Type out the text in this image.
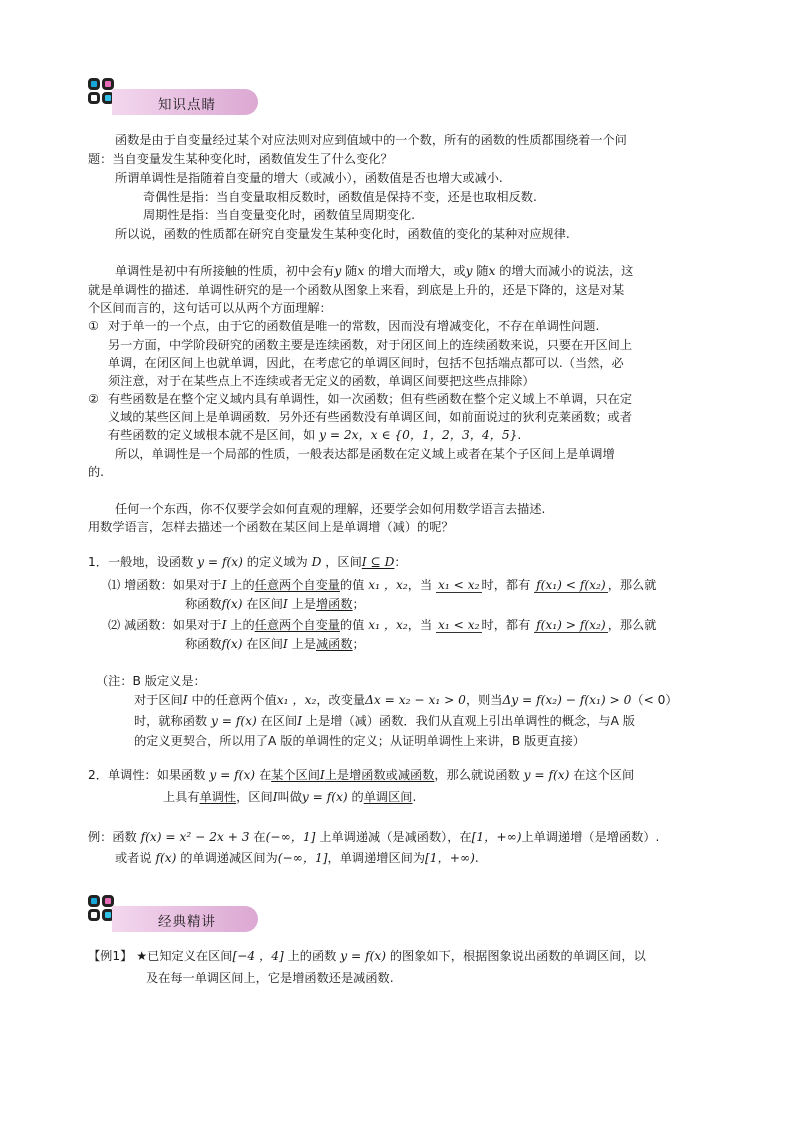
知识点睛
函数是由于自变量经过某个对应法则对应到值域中的一个数，所有的函数的性质都围绕着一个问
题：当自变量发生某种变化时，函数值发生了什么变化？
所谓单调性是指随着自变量的增大（或减小），函数值是否也增大或减小.
奇偶性是指：当自变量取相反数时，函数值是保持不变，还是也取相反数.
周期性是指：当自变量变化时，函数值呈周期变化.
所以说，函数的性质都在研究自变量发生某种变化时，函数值的变化的某种对应规律.
单调性是初中有所接触的性质，初中会有y 随x 的增大而增大，或y 随x 的增大而减小的说法，这
就是单调性的描述．单调性研究的是一个函数从图象上来看，到底是上升的，还是下降的，这是对某
个区间而言的，这句话可以从两个方面理解：
① 对于单一的一个点，由于它的函数值是唯一的常数，因而没有增减变化，不存在单调性问题.
另一方面，中学阶段研究的函数主要是连续函数，对于闭区间上的连续函数来说，只要在开区间上
单调，在闭区间上也就单调，因此，在考虑它的单调区间时，包括不包括端点都可以.（当然，必
须注意，对于在某些点上不连续或者无定义的函数，单调区间要把这些点排除）
② 有些函数是在整个定义域内具有单调性，如一次函数；但有些函数在整个定义域上不单调，只在定
义域的某些区间上是单调函数．另外还有些函数没有单调区间，如前面说过的狄利克莱函数；或者
有些函数的定义域根本就不是区间，如 y = 2x，x ∈ {0，1，2，3，4，5}.
所以，单调性是一个局部的性质，一般表达都是函数在定义域上或者在某个子区间上是单调增
的.
任何一个东西，你不仅要学会如何直观的理解，还要学会如何用数学语言去描述.
用数学语言，怎样去描述一个函数在某区间上是单调增（减）的呢？
1．一般地，设函数 y = f(x) 的定义域为 D ，区间I ⊆ D：
⑴ 增函数：如果对于I 上的任意两个自变量的值 x₁ ，x₂，当 x₁ < x₂ 时，都有 f(x₁) < f(x₂) ，那么就
称函数f(x) 在区间I 上是增函数；
⑵ 减函数：如果对于I 上的任意两个自变量的值 x₁ ，x₂，当 x₁ < x₂ 时，都有 f(x₁) > f(x₂) ，那么就
称函数f(x) 在区间I 上是减函数；
（注：B 版定义是：
对于区间I 中的任意两个值x₁ ，x₂，改变量Δx = x₂ − x₁ > 0，则当Δy = f(x₂) − f(x₁) > 0（< 0）
时，就称函数 y = f(x) 在区间I 上是增（减）函数．我们从直观上引出单调性的概念，与A 版
的定义更契合，所以用了A 版的单调性的定义；从证明单调性上来讲，B 版更直接）
2．单调性：如果函数 y = f(x) 在某个区间I上是增函数或减函数，那么就说函数 y = f(x) 在这个区间
上具有单调性，区间I叫做y = f(x) 的单调区间.
例：函数 f(x) = x² − 2x + 3 在(−∞，1] 上单调递减（是减函数），在[1，+∞)上单调递增（是增函数）.
或者说 f(x) 的单调递减区间为(−∞，1]，单调递增区间为[1，+∞).
经典精讲
【例1】 ★已知定义在区间[−4 ，4] 上的函数 y = f(x) 的图象如下，根据图象说出函数的单调区间，以
及在每一单调区间上，它是增函数还是减函数.
